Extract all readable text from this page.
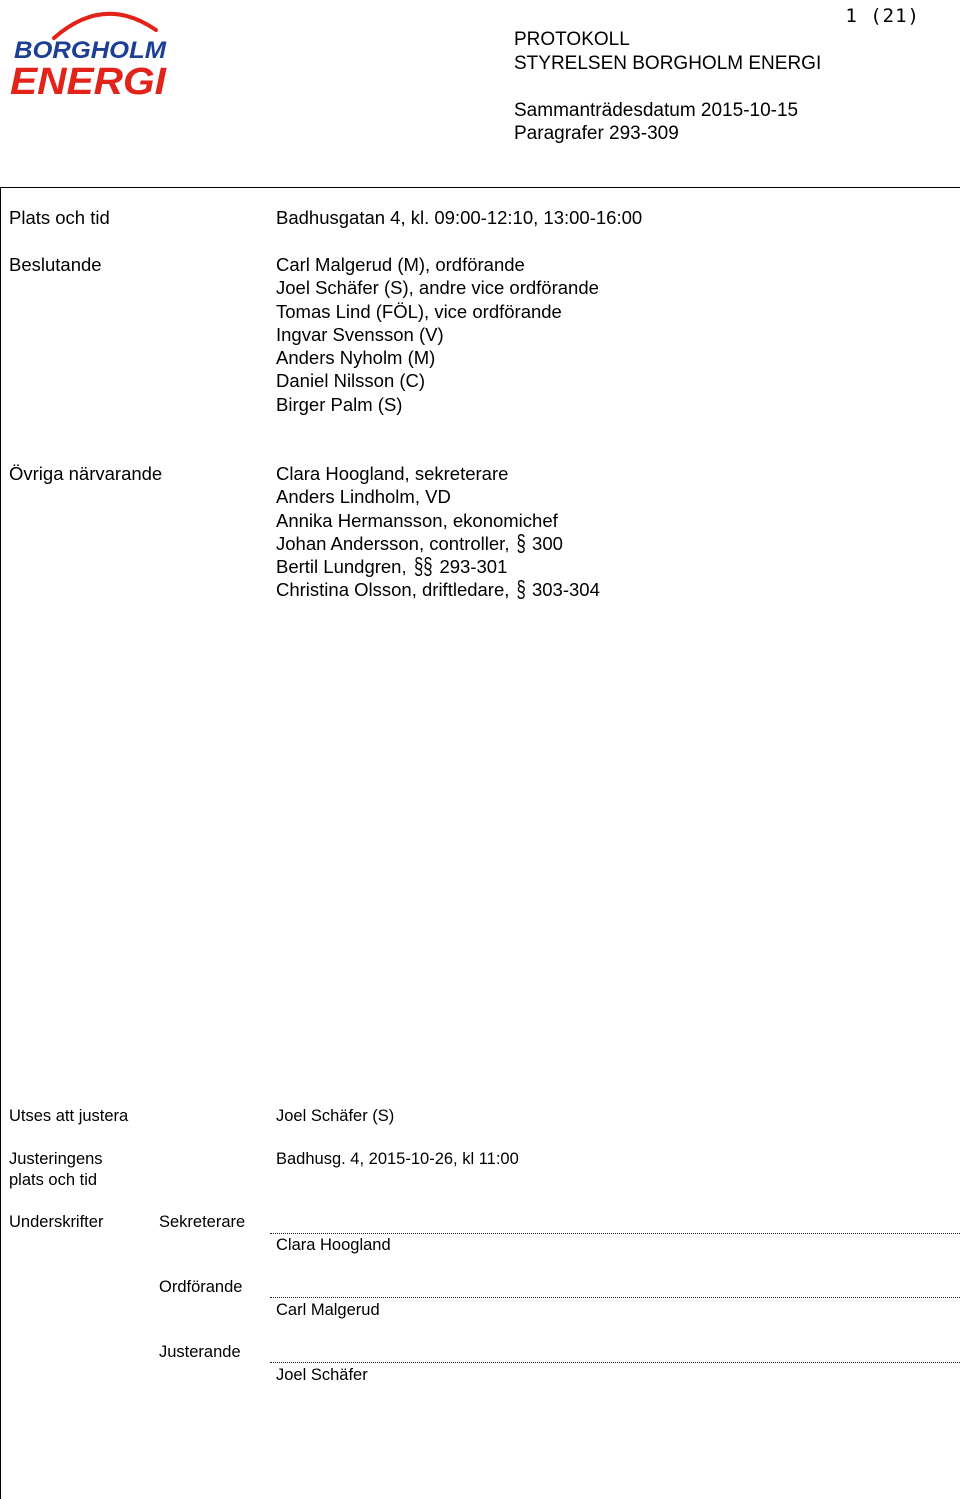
1 (21)
BORGHOLM
ENERGI
PROTOKOLL
STYRELSEN BORGHOLM ENERGI
Sammanträdesdatum 2015-10-15
Paragrafer 293-309
Plats och tid	Badhusgatan 4, kl. 09:00-12:10, 13:00-16:00
Beslutande	Carl Malgerud (M), ordförande
Joel Schäfer (S), andre vice ordförande
Tomas Lind (FÖL), vice ordförande
Ingvar Svensson (V)
Anders Nyholm (M)
Daniel Nilsson (C)
Birger Palm (S)
Övriga närvarande	Clara Hoogland, sekreterare
Anders Lindholm, VD
Annika Hermansson, ekonomichef
Johan Andersson, controller, § 300
Bertil Lundgren, §§ 293-301
Christina Olsson, driftledare, § 303-304
Utses att justera	Joel Schäfer (S)
Justeringens
plats och tid
Badhusg. 4, 2015-10-26, kl 11:00
Underskrifter	Sekreterare
Clara Hoogland
Ordförande
Carl Malgerud
Justerande
Joel Schäfer
